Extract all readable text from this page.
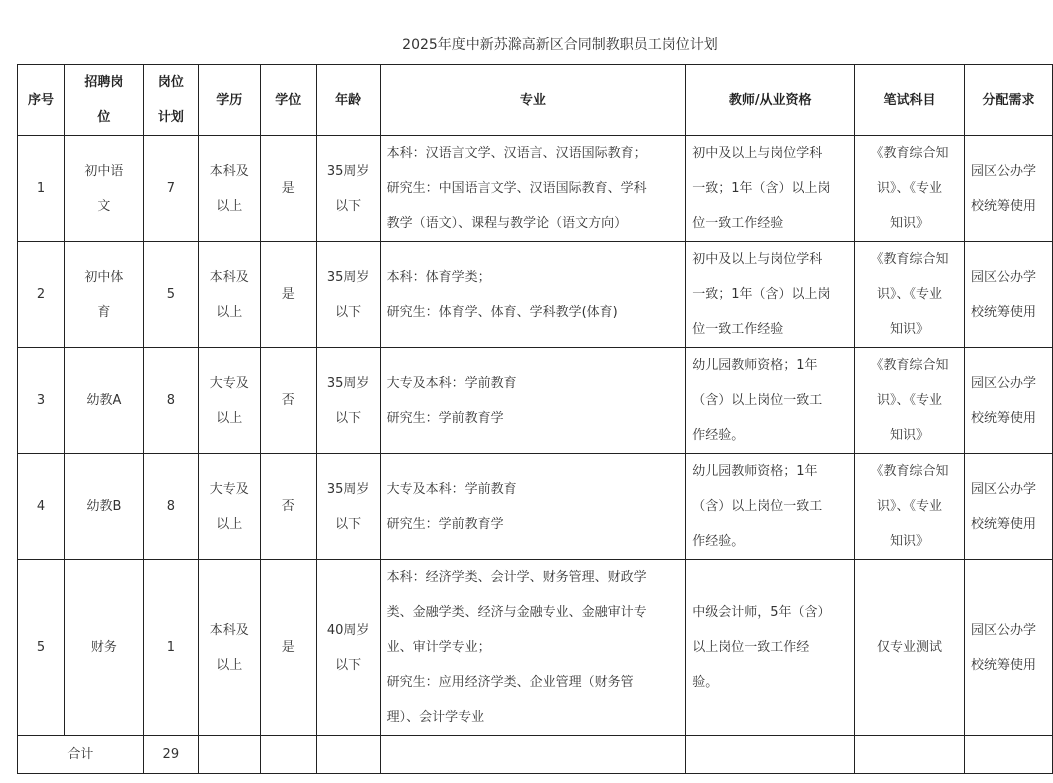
2025年度中新苏滁高新区合同制教职员工岗位计划
序号	招聘岗
位	岗位
计划	学历	学位	年龄	专业	教师/从业资格	笔试科目	分配需求
1	初中语
文	7	本科及
以上	是	35周岁
以下	本科：汉语言文学、汉语言、汉语国际教育；
研究生：中国语言文学、汉语国际教育、学科
教学（语文）、课程与教学论（语文方向）	初中及以上与岗位学科
一致；1年（含）以上岗
位一致工作经验	《教育综合知
识》、《专业
知识》	园区公办学
校统筹使用

2	初中体
育	5	本科及
以上	是	35周岁
以下	本科：体育学类；
研究生：体育学、体育、学科教学(体育)	初中及以上与岗位学科
一致；1年（含）以上岗
位一致工作经验	《教育综合知
识》、《专业
知识》	园区公办学
校统筹使用

3	幼教A	8	大专及
以上	否	35周岁
以下	大专及本科：学前教育
研究生：学前教育学	幼儿园教师资格；1年
（含）以上岗位一致工
作经验。	《教育综合知
识》、《专业
知识》	园区公办学
校统筹使用

4	幼教B	8	大专及
以上	否	35周岁
以下	大专及本科：学前教育
研究生：学前教育学	幼儿园教师资格；1年
（含）以上岗位一致工
作经验。	《教育综合知
识》、《专业
知识》	园区公办学
校统筹使用

5	财务	1	本科及
以上	是	40周岁
以下	本科：经济学类、会计学、财务管理、财政学
类、金融学类、经济与金融专业、金融审计专
业、审计学专业；
研究生：应用经济学类、企业管理（财务管
理）、会计学专业	中级会计师，5年（含）
以上岗位一致工作经
验。	仅专业测试	园区公办学
校统筹使用

合计		29							
